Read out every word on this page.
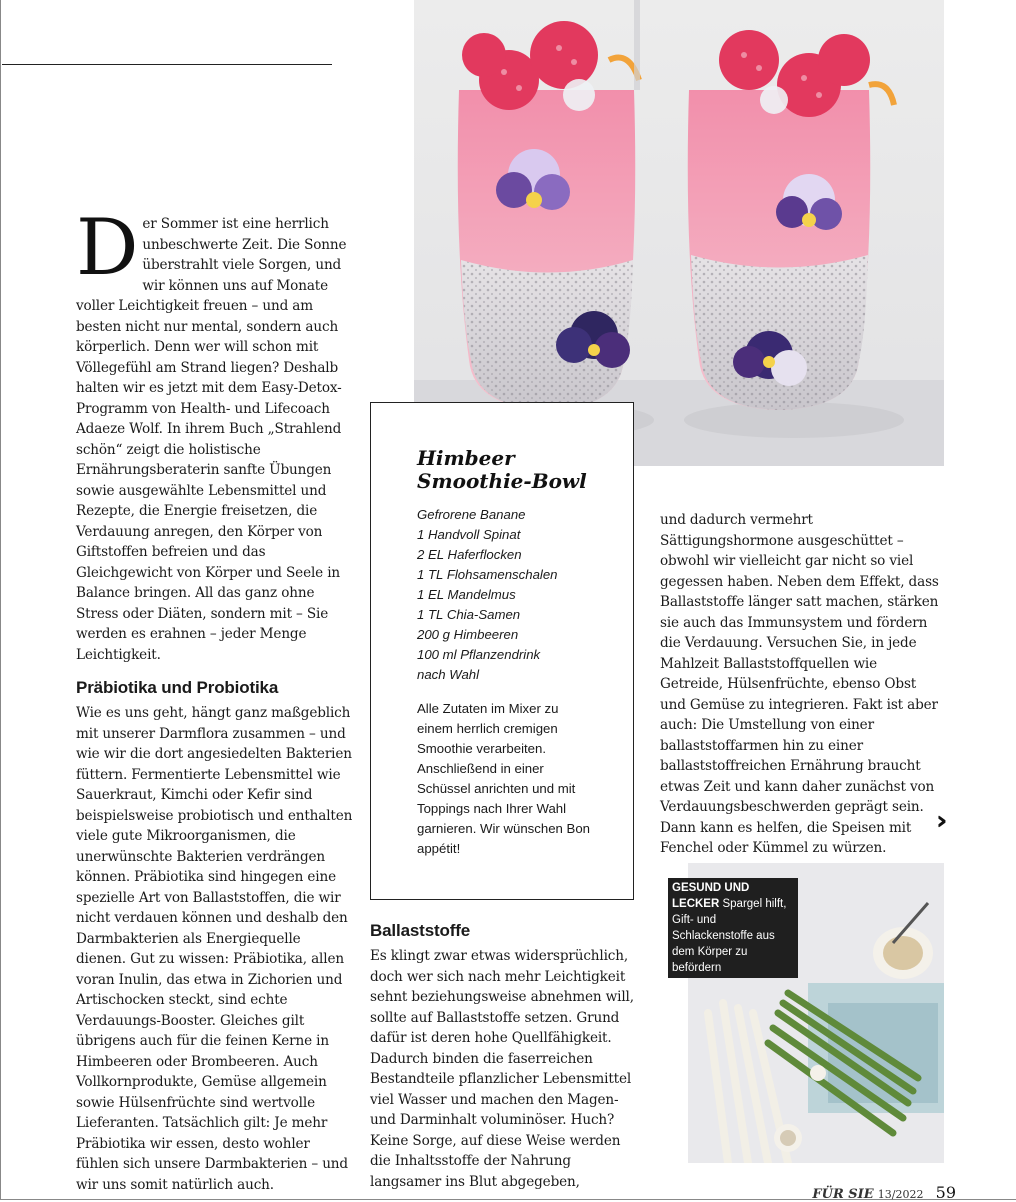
Der Sommer ist eine herrlich unbeschwerte Zeit. Die Sonne überstrahlt viele Sorgen, und wir können uns auf Monate voller Leichtigkeit freuen – und am besten nicht nur mental, sondern auch körperlich. Denn wer will schon mit Völlegefühl am Strand liegen? Deshalb halten wir es jetzt mit dem Easy-Detox-Programm von Health- und Lifecoach Adaeze Wolf. In ihrem Buch „Strahlend schön“ zeigt die holistische Ernährungsberaterin sanfte Übungen sowie ausgewählte Lebensmittel und Rezepte, die Energie freisetzen, die Verdauung anregen, den Körper von Giftstoffen befreien und das Gleichgewicht von Körper und Seele in Balance bringen. All das ganz ohne Stress oder Diäten, sondern mit – Sie werden es erahnen – jeder Menge Leichtigkeit.

Präbiotika und Probiotika

Wie es uns geht, hängt ganz maßgeblich mit unserer Darmflora zusammen – und wie wir die dort angesiedelten Bakterien füttern. Fermentierte Lebensmittel wie Sauerkraut, Kimchi oder Kefir sind beispielsweise probiotisch und enthalten viele gute Mikroorganismen, die unerwünschte Bakterien verdrängen können. Präbiotika sind hingegen eine spezielle Art von Ballaststoffen, die wir nicht verdauen können und deshalb den Darmbakterien als Energiequelle dienen. Gut zu wissen: Präbiotika, allen voran Inulin, das etwa in Zichorien und Artischocken steckt, sind echte Verdauungs-Booster. Gleiches gilt übrigens auch für die feinen Kerne in Himbeeren oder Brombeeren. Auch Vollkornprodukte, Gemüse allgemein sowie Hülsenfrüchte sind wertvolle Lieferanten. Tatsächlich gilt: Je mehr Präbiotika wir essen, desto wohler fühlen sich unsere Darmbakterien – und wir uns somit natürlich auch.

Himbeer Smoothie-Bowl
Gefrorene Banane
1 Handvoll Spinat
2 EL Haferflocken
1 TL Flohsamenschalen
1 EL Mandelmus
1 TL Chia-Samen
200 g Himbeeren
100 ml Pflanzendrink
nach Wahl

Alle Zutaten im Mixer zu einem herrlich cremigen Smoothie verarbeiten. Anschließend in einer Schüssel anrichten und mit Toppings nach Ihrer Wahl garnieren. Wir wünschen Bon appétit!

Ballaststoffe

Es klingt zwar etwas widersprüchlich, doch wer sich nach mehr Leichtigkeit sehnt beziehungsweise abnehmen will, sollte auf Ballaststoffe setzen. Grund dafür ist deren hohe Quellfähigkeit. Dadurch binden die faserreichen Bestandteile pflanzlicher Lebensmittel viel Wasser und machen den Magen- und Darminhalt voluminöser. Huch? Keine Sorge, auf diese Weise werden die Inhaltsstoffe der Nahrung langsamer ins Blut abgegeben,

und dadurch vermehrt Sättigungshormone ausgeschüttet – obwohl wir vielleicht gar nicht so viel gegessen haben. Neben dem Effekt, dass Ballaststoffe länger satt machen, stärken sie auch das Immunsystem und fördern die Verdauung. Versuchen Sie, in jede Mahlzeit Ballaststoffquellen wie Getreide, Hülsenfrüchte, ebenso Obst und Gemüse zu integrieren. Fakt ist aber auch: Die Umstellung von einer ballaststoffarmen hin zu einer ballaststoffreichen Ernährung braucht etwas Zeit und kann daher zunächst von Verdauungsbeschwerden geprägt sein. Dann kann es helfen, die Speisen mit Fenchel oder Kümmel zu würzen.

››
GESUND UND LECKER Spargel hilft, Gift- und Schlackenstoffe aus dem Körper zu befördern
FÜR SIE 13/2022 59
